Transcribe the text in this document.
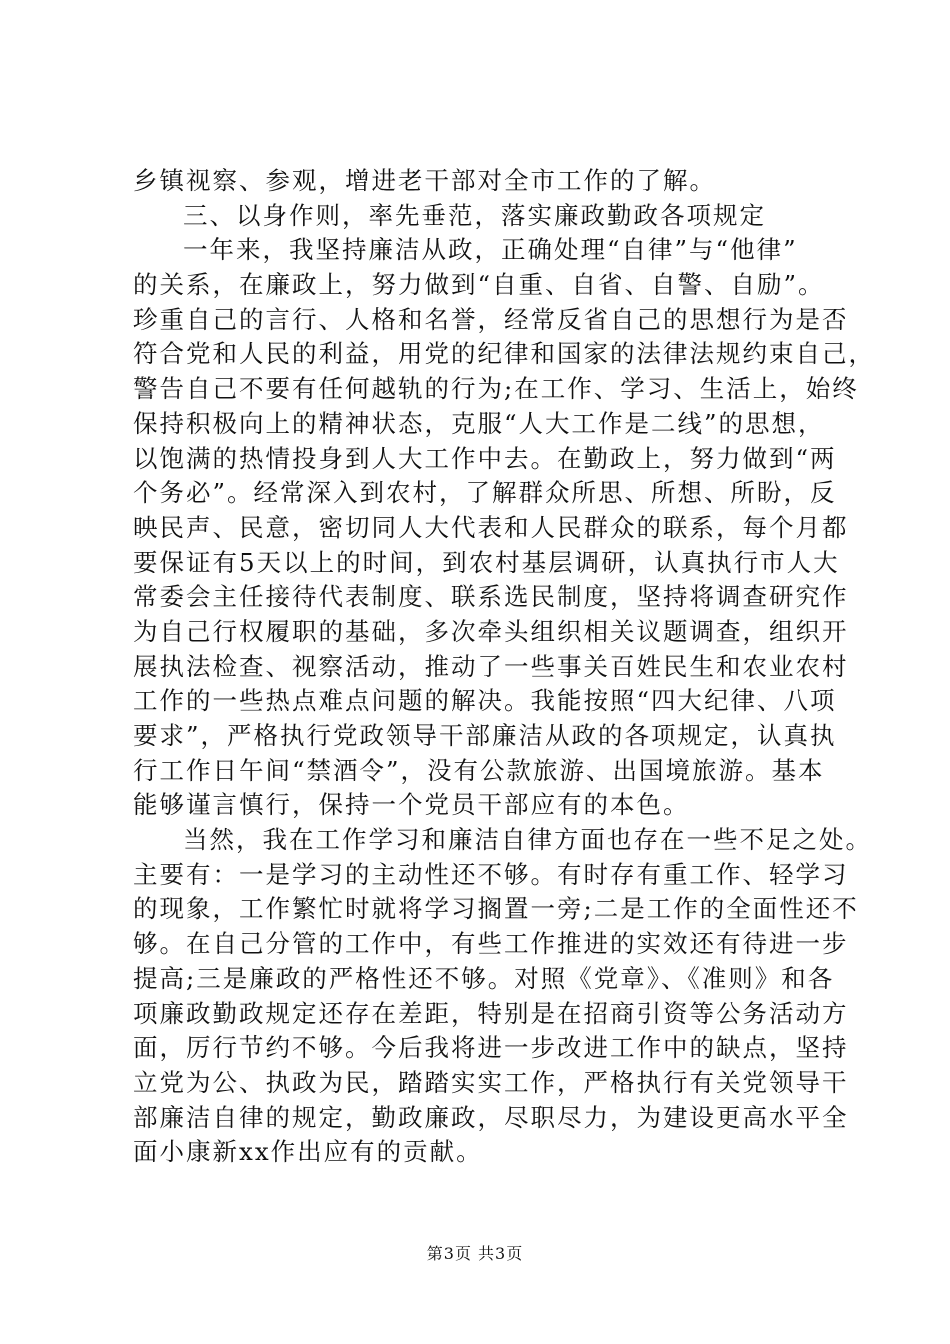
乡镇视察、参观，增进老干部对全市工作的了解。
三、以身作则，率先垂范，落实廉政勤政各项规定
一年来，我坚持廉洁从政，正确处理“自律”与“他律”
的关系，在廉政上，努力做到“自重、自省、自警、自励”。
珍重自己的言行、人格和名誉，经常反省自己的思想行为是否
符合党和人民的利益，用党的纪律和国家的法律法规约束自己，
警告自己不要有任何越轨的行为;在工作、学习、生活上，始终
保持积极向上的精神状态，克服“人大工作是二线”的思想，
以饱满的热情投身到人大工作中去。在勤政上，努力做到“两
个务必”。经常深入到农村，了解群众所思、所想、所盼，反
映民声、民意，密切同人大代表和人民群众的联系，每个月都
要保证有5天以上的时间，到农村基层调研，认真执行市人大
常委会主任接待代表制度、联系选民制度，坚持将调查研究作
为自己行权履职的基础，多次牵头组织相关议题调查，组织开
展执法检查、视察活动，推动了一些事关百姓民生和农业农村
工作的一些热点难点问题的解决。我能按照“四大纪律、八项
要求”，严格执行党政领导干部廉洁从政的各项规定，认真执
行工作日午间“禁酒令”，没有公款旅游、出国境旅游。基本
能够谨言慎行，保持一个党员干部应有的本色。
当然，我在工作学习和廉洁自律方面也存在一些不足之处。
主要有：一是学习的主动性还不够。有时存有重工作、轻学习
的现象，工作繁忙时就将学习搁置一旁;二是工作的全面性还不
够。在自己分管的工作中，有些工作推进的实效还有待进一步
提高;三是廉政的严格性还不够。对照《党章》、《准则》和各
项廉政勤政规定还存在差距，特别是在招商引资等公务活动方
面，厉行节约不够。今后我将进一步改进工作中的缺点，坚持
立党为公、执政为民，踏踏实实工作，严格执行有关党领导干
部廉洁自律的规定，勤政廉政，尽职尽力，为建设更高水平全
面小康新xx作出应有的贡献。
第3页 共3页
